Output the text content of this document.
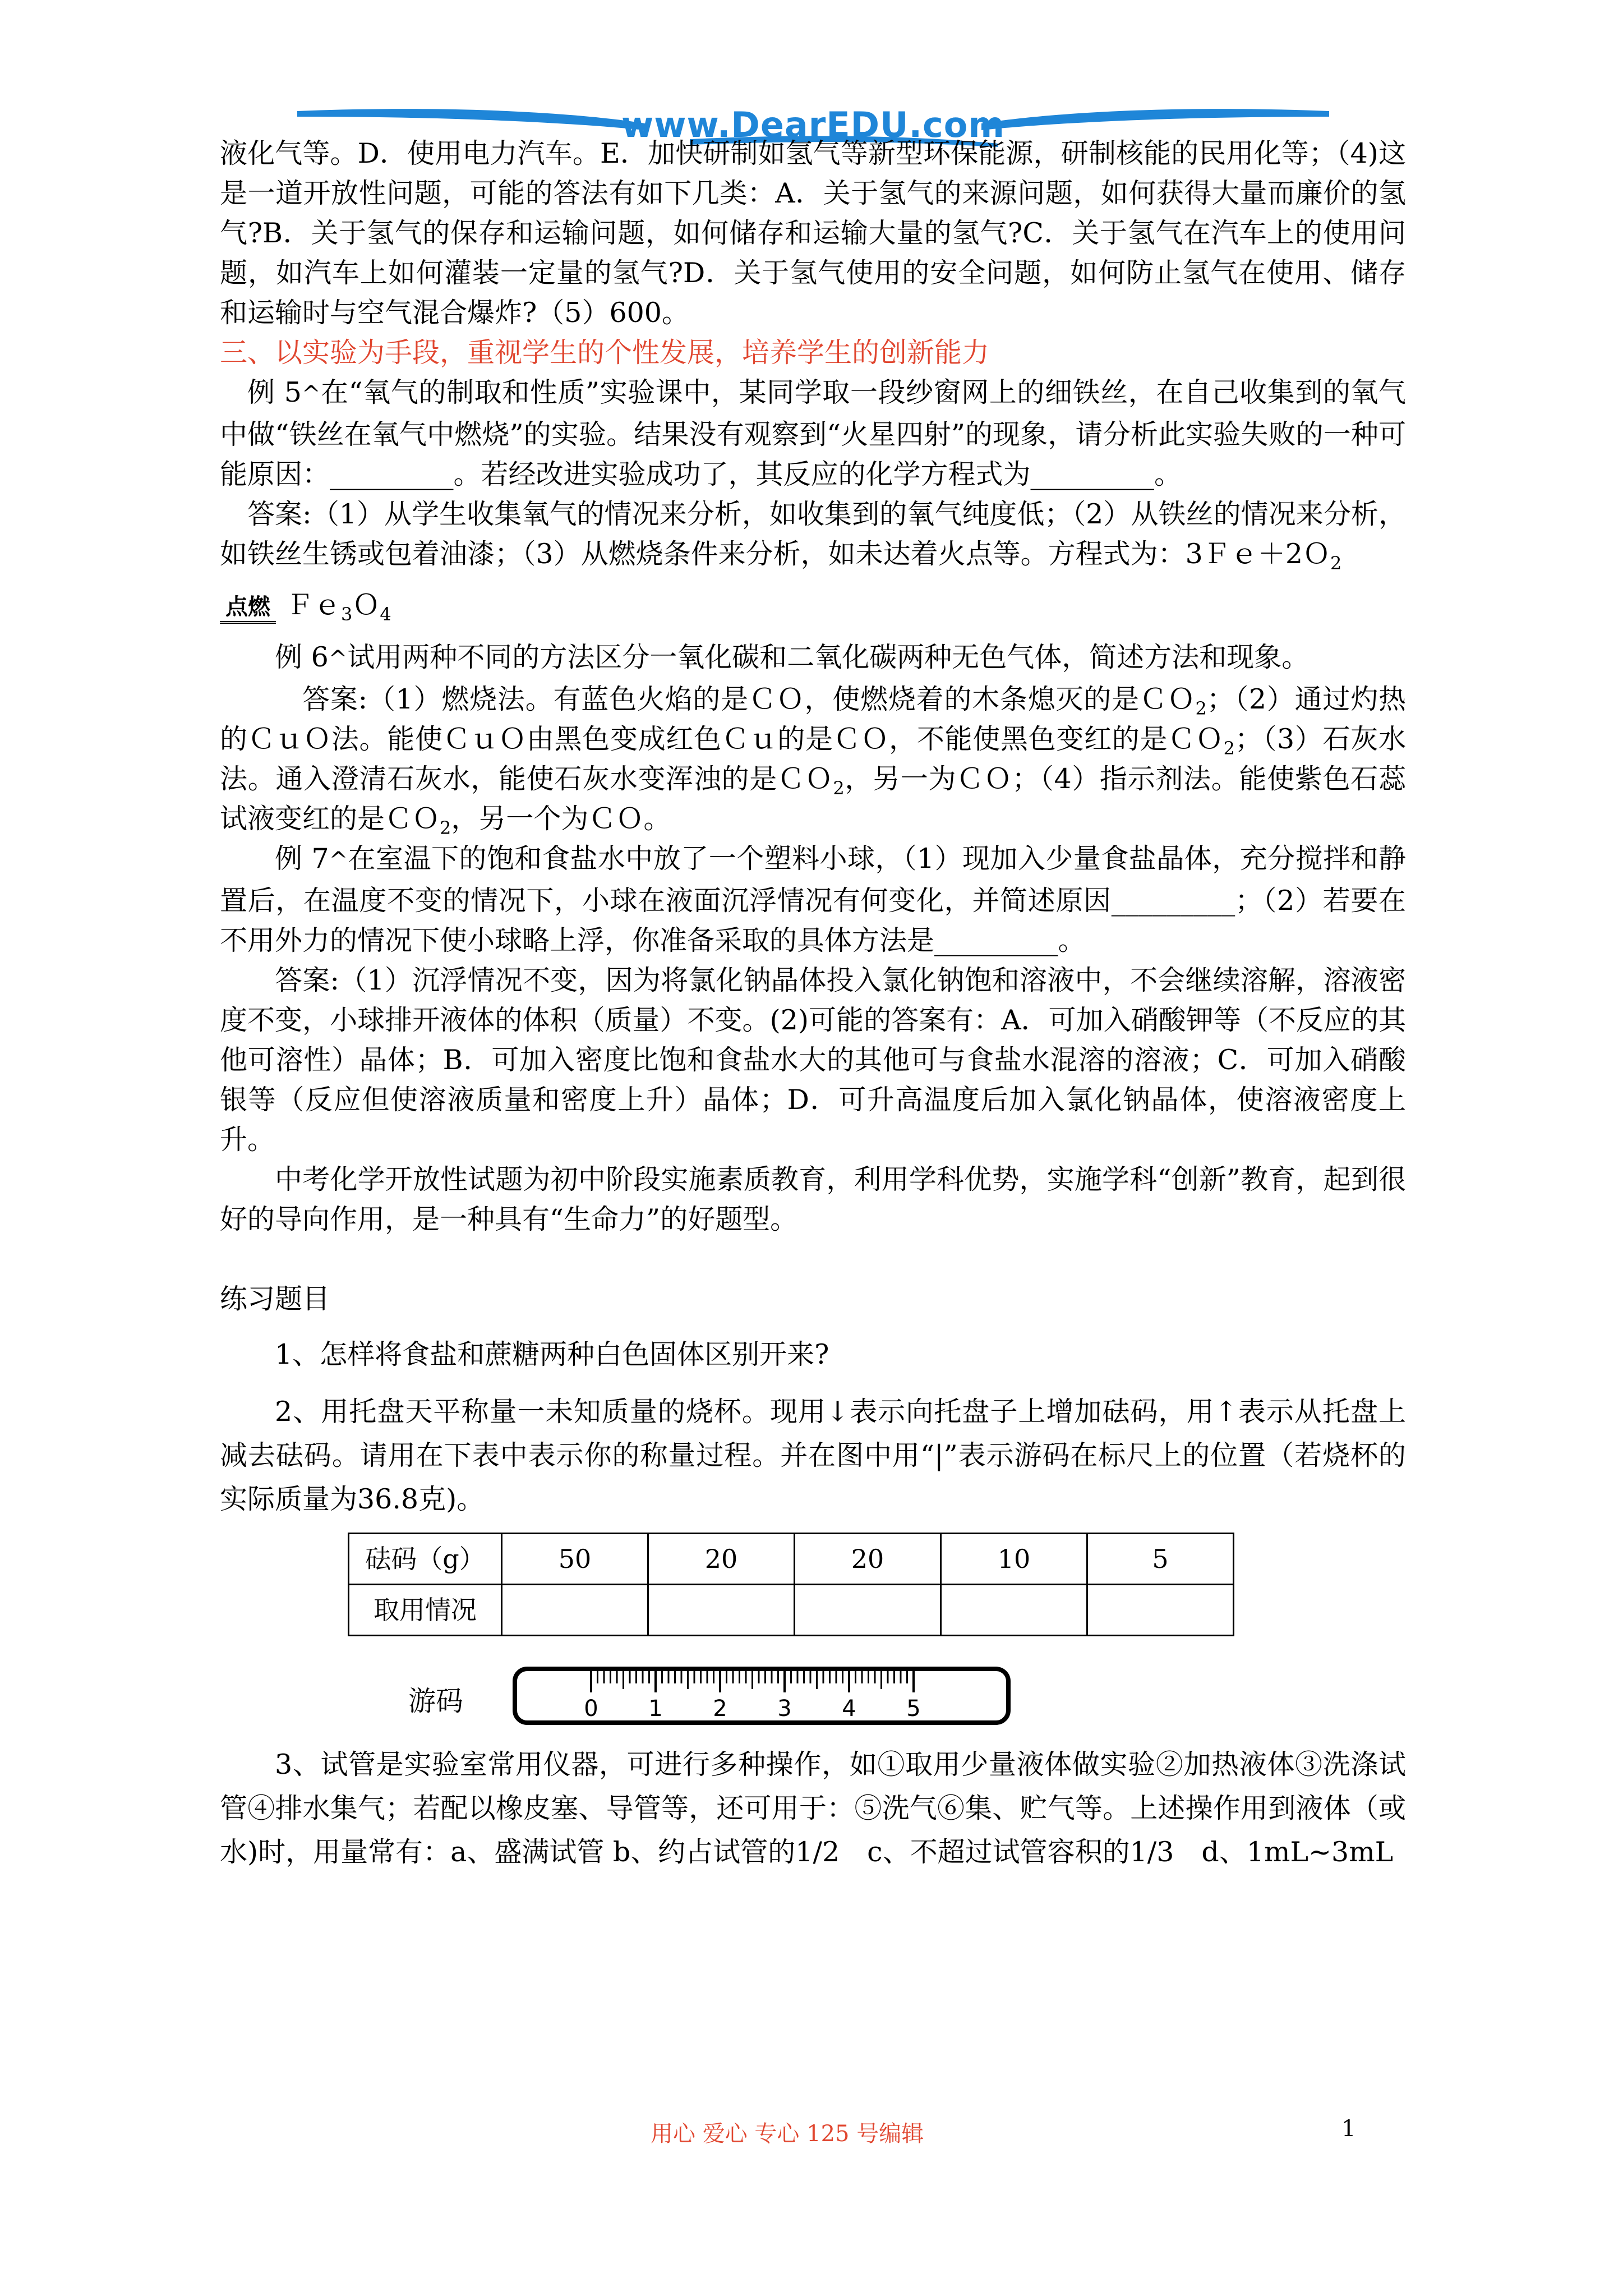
www.DearEDU.com

液化气等。D．使用电力汽车。E．加快研制如氢气等新型环保能源，研制核能的民用化等；（4)这是一道开放性问题，可能的答法有如下几类：A．关于氢气的来源问题，如何获得大量而廉价的氢气?B．关于氢气的保存和运输问题，如何储存和运输大量的氢气?C．关于氢气在汽车上的使用问题，如汽车上如何灌装一定量的氢气?D．关于氢气使用的安全问题，如何防止氢气在使用、储存和运输时与空气混合爆炸?（5）600。

三、以实验为手段，重视学生的个性发展，培养学生的创新能力

例 5^在“氧气的制取和性质”实验课中，某同学取一段纱窗网上的细铁丝，在自己收集到的氧气中做“铁丝在氧气中燃烧”的实验。结果没有观察到“火星四射”的现象，请分析此实验失败的一种可能原因：_________。若经改进实验成功了，其反应的化学方程式为_________。

答案:（1）从学生收集氧气的情况来分析，如收集到的氧气纯度低；（2）从铁丝的情况来分析，如铁丝生锈或包着油漆；（3）从燃烧条件来分析，如未达着火点等。方程式为：3Ｆｅ＋2Ｏ$_2$

点燃 Ｆｅ$_3$Ｏ$_4$

例 6^试用两种不同的方法区分一氧化碳和二氧化碳两种无色气体，简述方法和现象。

答案:（1）燃烧法。有蓝色火焰的是ＣＯ，使燃烧着的木条熄灭的是ＣＯ$_2$；（2）通过灼热的ＣｕＯ法。能使ＣｕＯ由黑色变成红色Ｃｕ的是ＣＯ，不能使黑色变红的是ＣＯ$_2$；（3）石灰水法。通入澄清石灰水，能使石灰水变浑浊的是ＣＯ$_2$，另一为ＣＯ；（4）指示剂法。能使紫色石蕊试液变红的是ＣＯ$_2$，另一个为ＣＯ。

例 7^在室温下的饱和食盐水中放了一个塑料小球，（1）现加入少量食盐晶体，充分搅拌和静置后，在温度不变的情况下，小球在液面沉浮情况有何变化，并简述原因_________；（2）若要在不用外力的情况下使小球略上浮，你准备采取的具体方法是_________。

答案:（1）沉浮情况不变，因为将氯化钠晶体投入氯化钠饱和溶液中，不会继续溶解，溶液密度不变，小球排开液体的体积（质量）不变。(2)可能的答案有：A．可加入硝酸钾等（不反应的其他可溶性）晶体；B．可加入密度比饱和食盐水大的其他可与食盐水混溶的溶液；C．可加入硝酸银等（反应但使溶液质量和密度上升）晶体；D．可升高温度后加入氯化钠晶体，使溶液密度上升。

中考化学开放性试题为初中阶段实施素质教育，利用学科优势，实施学科“创新”教育，起到很好的导向作用，是一种具有“生命力”的好题型。

练习题目

1、怎样将食盐和蔗糖两种白色固体区别开来?

2、用托盘天平称量一未知质量的烧杯。现用↓表示向托盘子上增加砝码，用↑表示从托盘上减去砝码。请用在下表中表示你的称量过程。并在图中用“|”表示游码在标尺上的位置（若烧杯的实际质量为36.8克)。

砝码（g）	50	20	20	10	5
取用情况					
游码	0 1 2 3 4 5

3、试管是实验室常用仪器，可进行多种操作，如①取用少量液体做实验②加热液体③洗涤试管④排水集气；若配以橡皮塞、导管等，还可用于：⑤洗气⑥集、贮气等。上述操作用到液体（或水)时，用量常有：a、盛满试管 b、约占试管的1/2　c、不超过试管容积的1/3　d、1mL~3mL

用心 爱心 专心 125 号编辑	1
